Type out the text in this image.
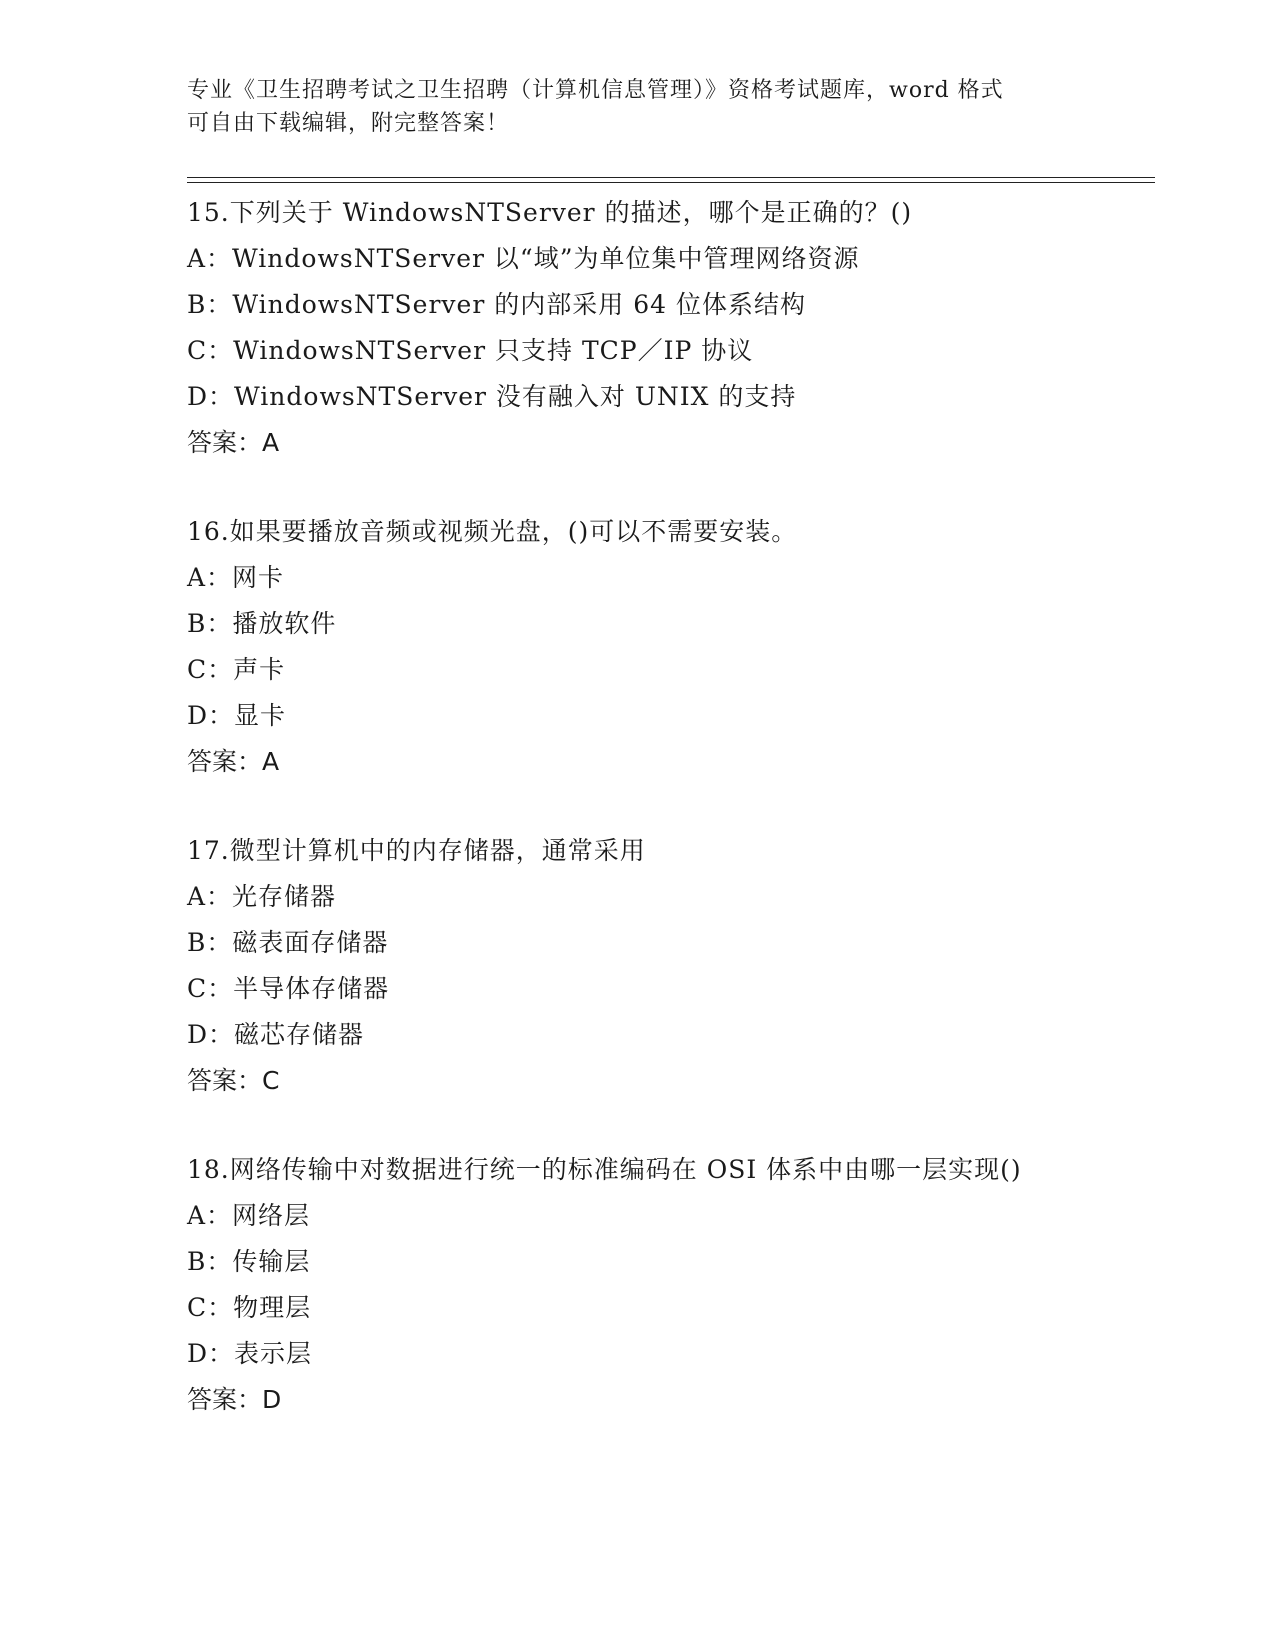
专业《卫生招聘考试之卫生招聘（计算机信息管理）》资格考试题库，word 格式
可自由下载编辑，附完整答案！
15.下列关于 WindowsNTServer 的描述，哪个是正确的？()
A：WindowsNTServer 以“域”为单位集中管理网络资源
B：WindowsNTServer 的内部采用 64 位体系结构
C：WindowsNTServer 只支持 TCP／IP 协议
D：WindowsNTServer 没有融入对 UNIX 的支持
答案：A
16.如果要播放音频或视频光盘，()可以不需要安装。
A：网卡
B：播放软件
C：声卡
D：显卡
答案：A
17.微型计算机中的内存储器，通常采用
A：光存储器
B：磁表面存储器
C：半导体存储器
D：磁芯存储器
答案：C
18.网络传输中对数据进行统一的标准编码在 OSI 体系中由哪一层实现()
A：网络层
B：传输层
C：物理层
D：表示层
答案：D
